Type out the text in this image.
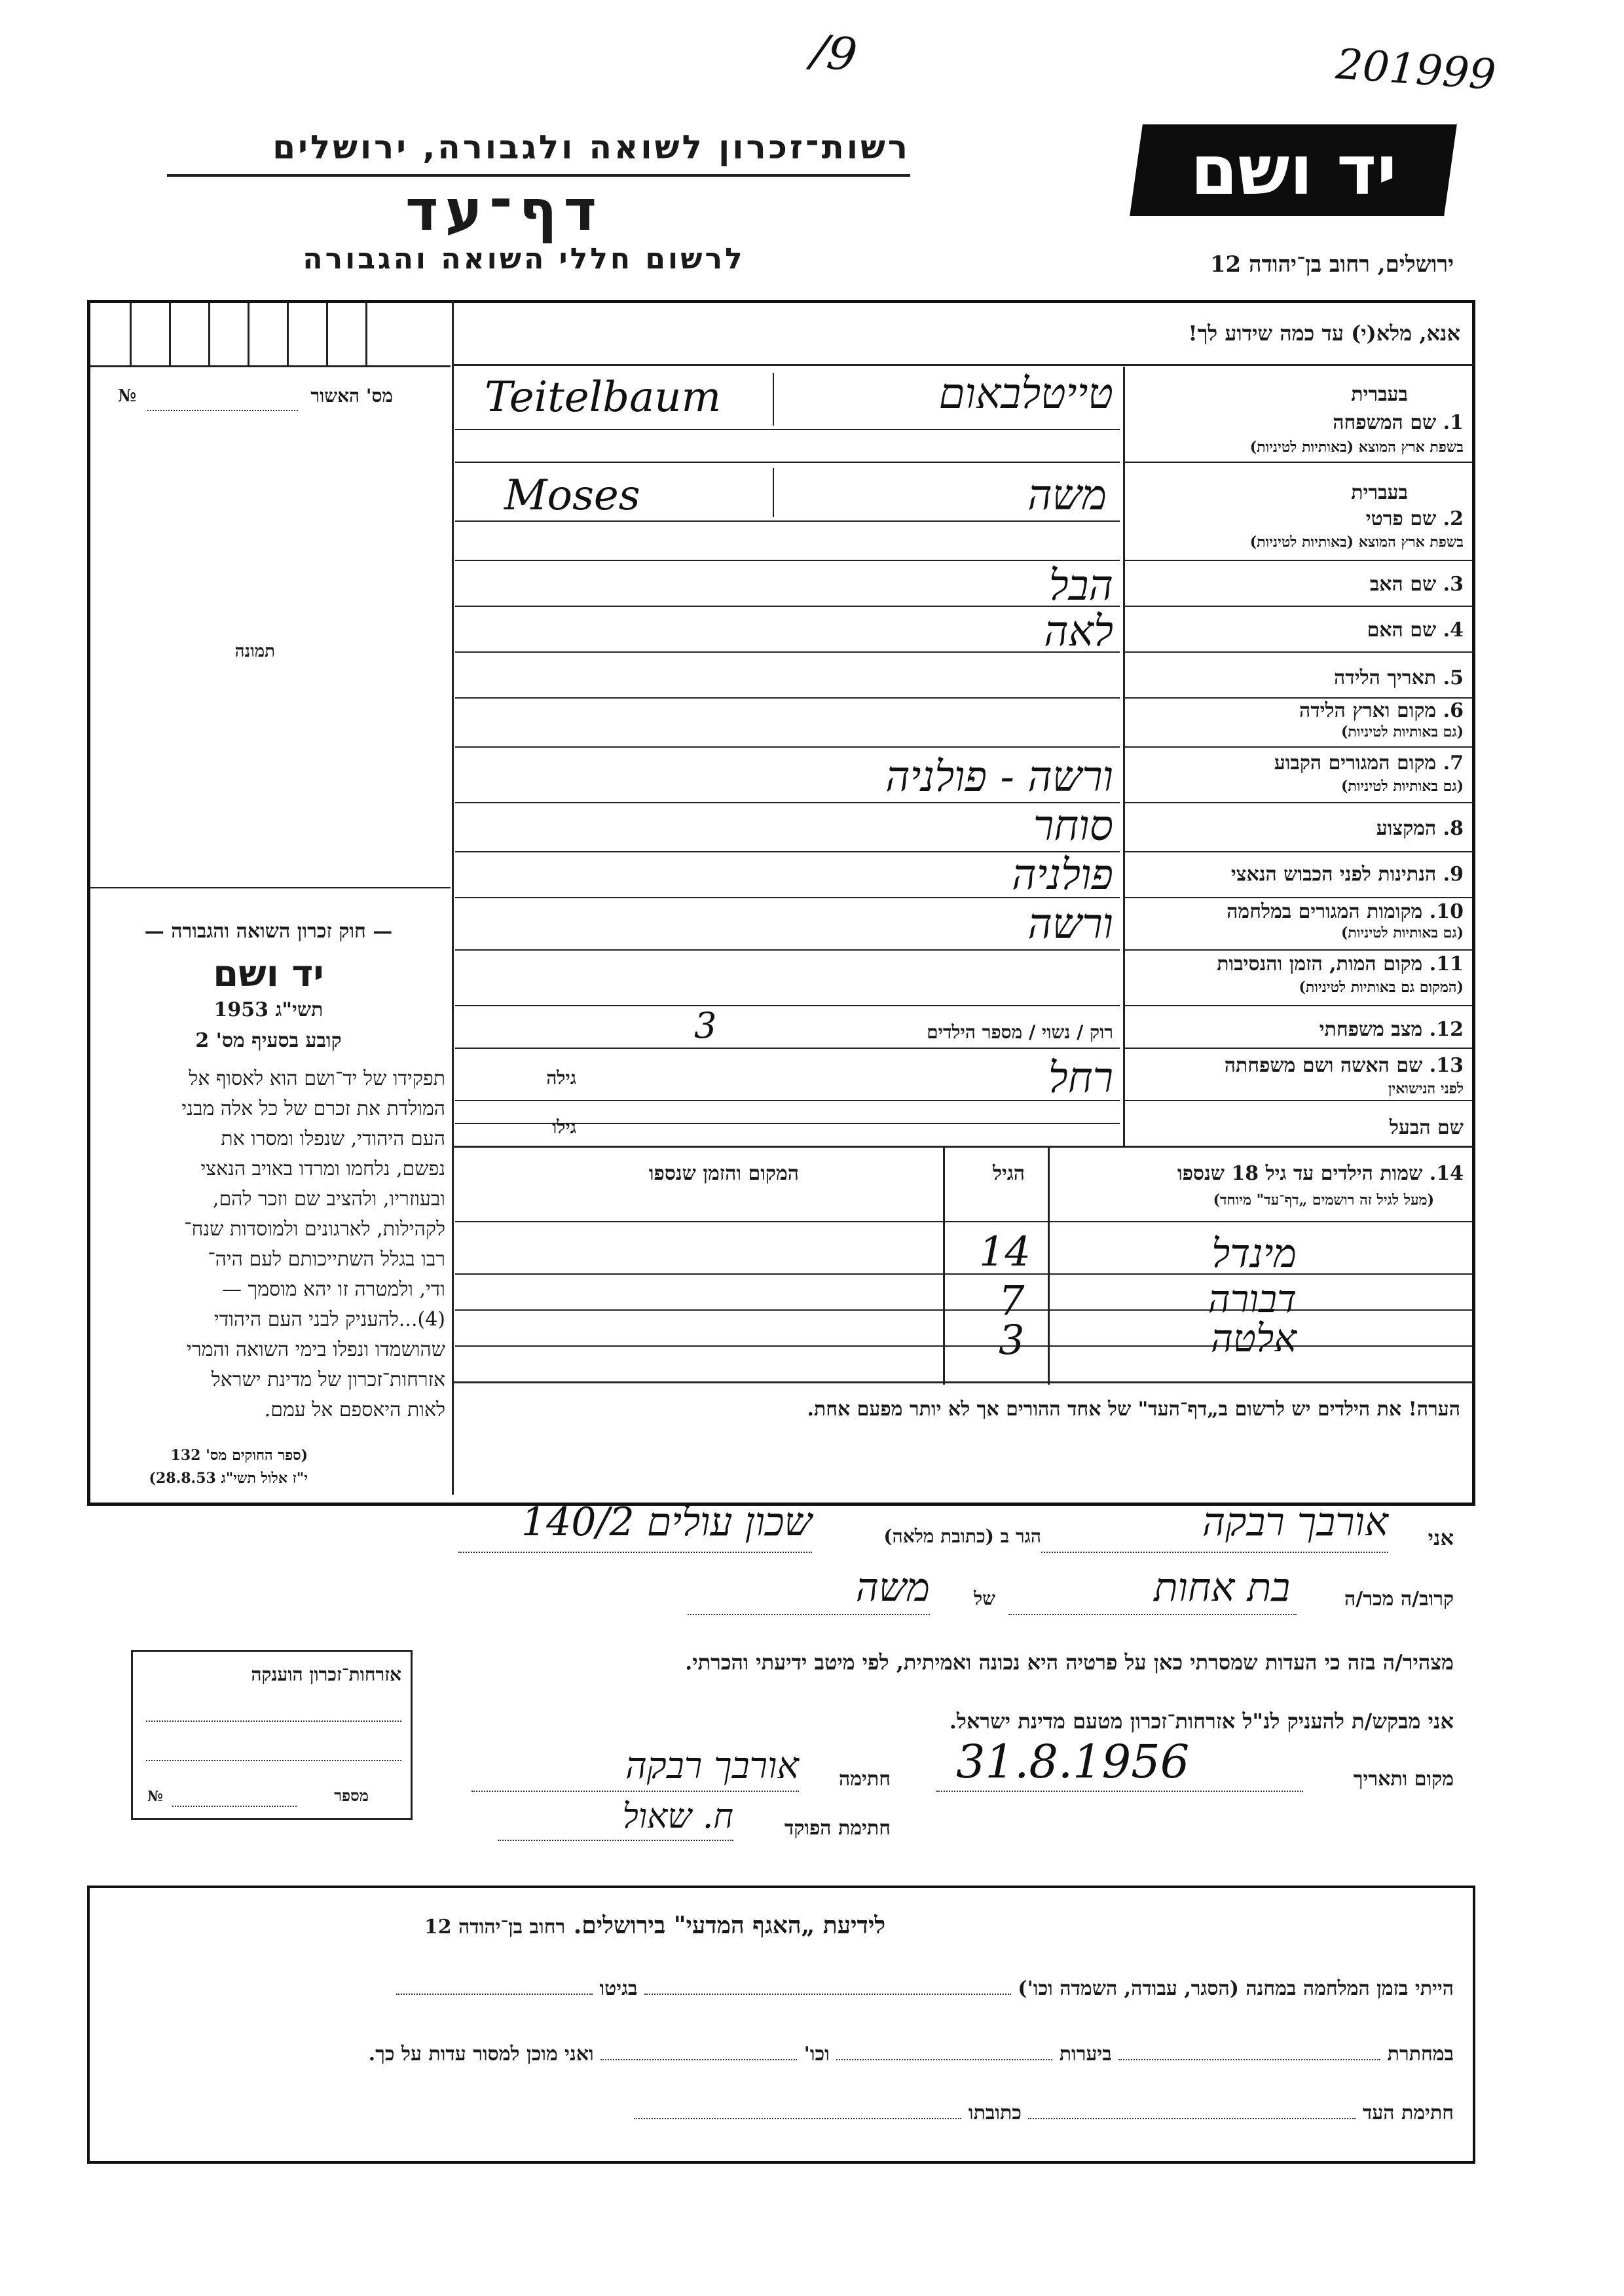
201999
/9
רשות־זכרון לשואה ולגבורה, ירושלים
דף־עד
לרשום חללי השואה והגבורה
יד ושם
ירושלים, רחוב בן־יהודה 12
אנא, מלא(י) עד כמה שידוע לך!
מס' האשור
№
תמונה
בעברית
1. שם המשפחה
בשפת ארץ המוצא (באותיות לטיניות)
טייטלבאום
Teitelbaum
בעברית
2. שם פרטי
בשפת ארץ המוצא (באותיות לטיניות)
משה
Moses
3. שם האב
הבל
4. שם האם
לאה
5. תאריך הלידה
6. מקום וארץ הלידה
(גם באותיות לטיניות)
7. מקום המגורים הקבוע
(גם באותיות לטיניות)
ורשה - פולניה
8. המקצוע
סוחר
9. הנתינות לפני הכבוש הנאצי
פולניה
10. מקומות המגורים במלחמה
(גם באותיות לטיניות)
ורשה
11. מקום המות, הזמן והנסיבות
(המקום גם באותיות לטיניות)
12. מצב משפחתי
רוק / נשוי / מספר הילדים
3
13. שם האשה ושם משפחתה
לפני הנישואין
רחל
גילה
שם הבעל
גילו
14. שמות הילדים עד גיל 18 שנספו
(מעל לגיל זה רושמים „דף־עד" מיוחד)
הגיל
המקום והזמן שנספו
מינדל
14
דבורה
7
אלטה
3
הערה! את הילדים יש לרשום ב„דף־העד" של אחד ההורים אך לא יותר מפעם אחת.
— חוק זכרון השואה והגבורה —
יד ושם
תשי"ג 1953
קובע בסעיף מס' 2
תפקידו של יד־ושם הוא לאסוף אל
המולדת את זכרם של כל אלה מבני
העם היהודי, שנפלו ומסרו את
נפשם, נלחמו ומרדו באויב הנאצי
ובעוזריו, ולהציב שם וזכר להם,
לקהילות, לארגונים ולמוסדות שנח־
רבו בגלל השתייכותם לעם היה־
ודי, ולמטרה זו יהא מוסמך —
(4)...להעניק לבני העם היהודי
שהושמדו ונפלו בימי השואה והמרי
אזרחות־זכרון של מדינת ישראל
לאות היאספם אל עמם.
(ספר החוקים מס' 132
י"ז אלול תשי"ג 28.8.53)
אזרחות־זכרון הוענקה
מספר
№
אני
אורבך רבקה
הגר ב (כתובת מלאה)
שכון עולים 140/2
קרוב/ה מכר/ה
בת אחות
של
משה
מצהיר/ה בזה כי העדות שמסרתי כאן על פרטיה היא נכונה ואמיתית, לפי מיטב ידיעתי והכרתי.
אני מבקש/ת להעניק לנ"ל אזרחות־זכרון מטעם מדינת ישראל.
מקום ותאריך
31.8.1956
חתימה
אורבך רבקה
חתימת הפוקד
ח. שאול
לידיעת „האגף המדעי" בירושלים. רחוב בן־יהודה 12
הייתי בזמן המלחמה במחנה (הסגר, עבודה, השמדה וכו')  בגיטו
במחתרת  ביערות  וכו'  ואני מוכן למסור עדות על כך.
חתימת העד  כתובתו
